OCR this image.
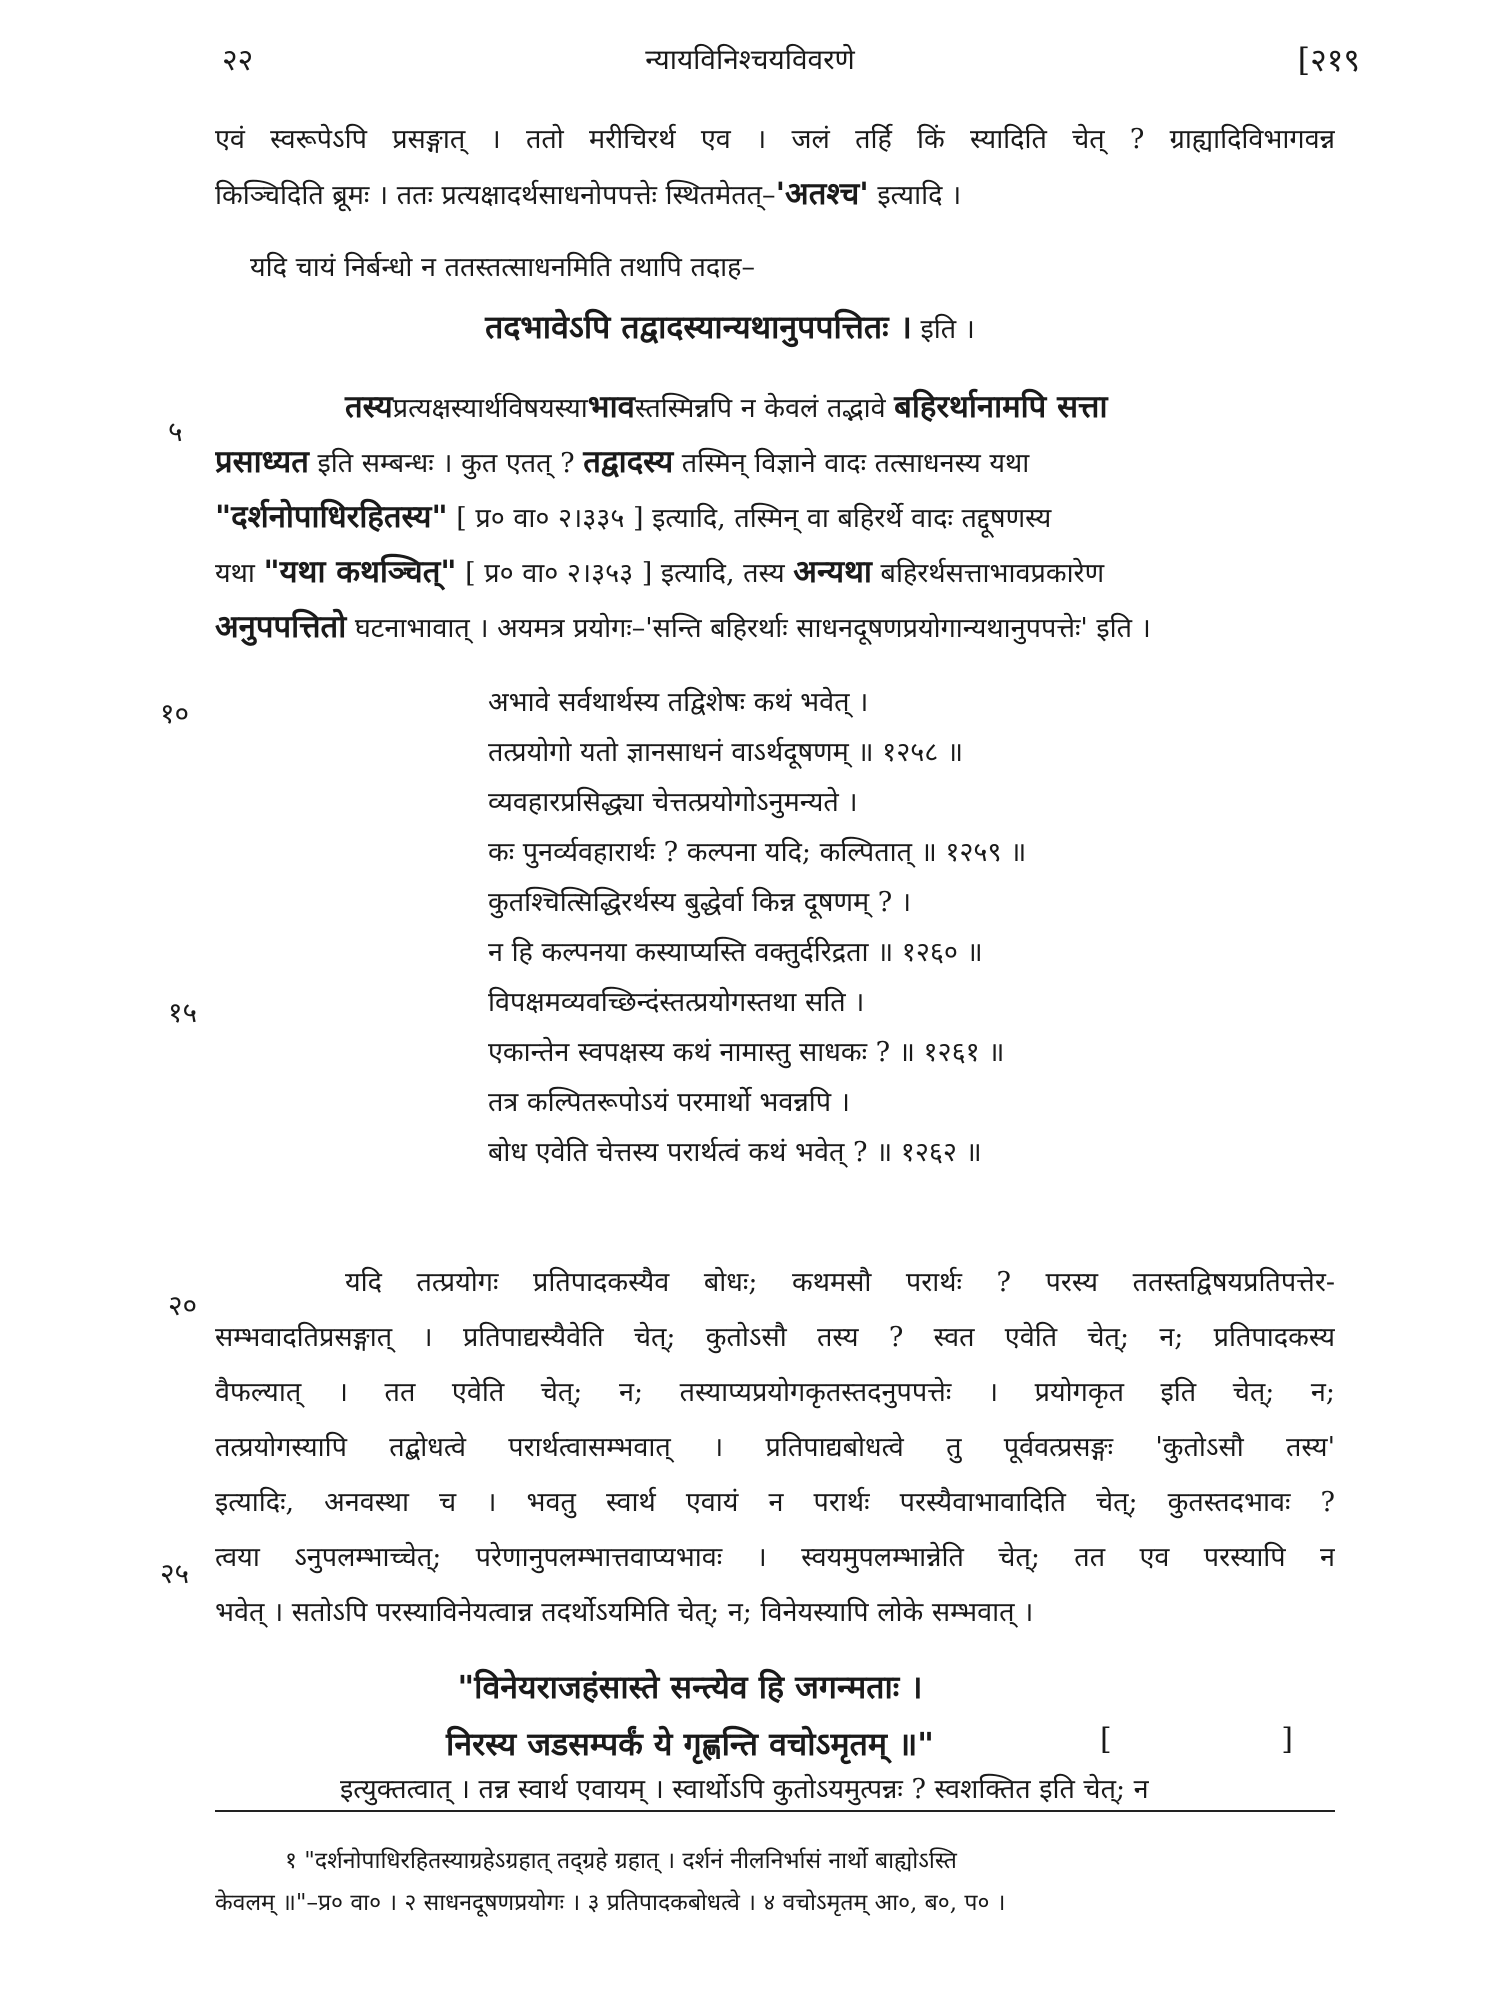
२२	न्यायविनिश्चयविवरणे	[२१९
५
१०
१५
२०
२५
एवं स्वरूपेऽपि प्रसङ्गात् । ततो मरीचिरर्थ एव । जलं तर्हि किं स्यादिति चेत् ? ग्राह्यादिविभागवन्न
किञ्चिदिति ब्रूमः । ततः प्रत्यक्षादर्थसाधनोपपत्तेः स्थितमेतत्–'अतश्च' इत्यादि ।
यदि चायं निर्बन्धो न ततस्तत्साधनमिति तथापि तदाह–
तदभावेऽपि तद्वादस्यान्यथानुपपत्तितः । इति ।
तस्यप्रत्यक्षस्यार्थविषयस्याभावस्तस्मिन्नपि न केवलं तद्भावे बहिरर्थानामपि सत्ता
प्रसाध्यत इति सम्बन्धः । कुत एतत् ? तद्वादस्य तस्मिन् विज्ञाने वादः तत्साधनस्य यथा
"दर्शनोपाधिरहितस्य" [ प्र० वा० २।३३५ ] इत्यादि, तस्मिन् वा बहिरर्थे वादः तद्दूषणस्य
यथा "यथा कथञ्चित्" [ प्र० वा० २।३५३ ] इत्यादि, तस्य अन्यथा बहिरर्थसत्ताभावप्रकारेण
अनुपपत्तितो घटनाभावात् । अयमत्र प्रयोगः–'सन्ति बहिरर्थाः साधनदूषणप्रयोगान्यथानुपपत्तेः' इति ।
अभावे सर्वथार्थस्य तद्विशेषः कथं भवेत् ।
तत्प्रयोगो यतो ज्ञानसाधनं वाऽर्थदूषणम् ॥ १२५८ ॥
व्यवहारप्रसिद्ध्या चेत्तत्प्रयोगोऽनुमन्यते ।
कः पुनर्व्यवहारार्थः ? कल्पना यदि; कल्पितात् ॥ १२५९ ॥
कुतश्चित्सिद्धिरर्थस्य बुद्धेर्वा किन्न दूषणम् ? ।
न हि कल्पनया कस्याप्यस्ति वक्तुर्दरिद्रता ॥ १२६० ॥
विपक्षमव्यवच्छिन्दंस्तत्प्रयोगस्तथा सति ।
एकान्तेन स्वपक्षस्य कथं नामास्तु साधकः ? ॥ १२६१ ॥
तत्र कल्पितरूपोऽयं परमार्थो भवन्नपि ।
बोध एवेति चेत्तस्य परार्थत्वं कथं भवेत् ? ॥ १२६२ ॥
यदि तत्प्रयोगः प्रतिपादकस्यैव बोधः; कथमसौ परार्थः ? परस्य ततस्तद्विषयप्रतिपत्तेर-
सम्भवादतिप्रसङ्गात् । प्रतिपाद्यस्यैवेति चेत्; कुतोऽसौ तस्य ? स्वत एवेति चेत्; न; प्रतिपादकस्य
वैफल्यात् । तत एवेति चेत्; न; तस्याप्यप्रयोगकृतस्तदनुपपत्तेः । प्रयोगकृत इति चेत्; न;
तत्प्रयोगस्यापि तद्बोधत्वे परार्थत्वासम्भवात् । प्रतिपाद्यबोधत्वे तु पूर्ववत्प्रसङ्गः 'कुतोऽसौ तस्य'
इत्यादिः, अनवस्था च । भवतु स्वार्थ एवायं न परार्थः परस्यैवाभावादिति चेत्; कुतस्तदभावः ?
त्वया ऽनुपलम्भाच्चेत्; परेणानुपलम्भात्तवाप्यभावः । स्वयमुपलम्भान्नेति चेत्; तत एव परस्यापि न
भवेत् । सतोऽपि परस्याविनेयत्वान्न तदर्थोऽयमिति चेत्; न; विनेयस्यापि लोके सम्भवात् ।
"विनेयराजहंसास्ते सन्त्येव हि जगन्मताः ।
निरस्य जडसम्पर्कं ये गृह्णन्ति वचोऽमृतम् ॥"	[ ]
इत्युक्तत्वात् । तन्न स्वार्थ एवायम् । स्वार्थोऽपि कुतोऽयमुत्पन्नः ? स्वशक्तित इति चेत्; न
१ "दर्शनोपाधिरहितस्याग्रहेऽग्रहात् तद्ग्रहे ग्रहात् । दर्शनं नीलनिर्भासं नार्थो बाह्योऽस्ति
केवलम् ॥"–प्र० वा० । २ साधनदूषणप्रयोगः । ३ प्रतिपादकबोधत्वे । ४ वचोऽमृतम् आ०, ब०, प० ।
